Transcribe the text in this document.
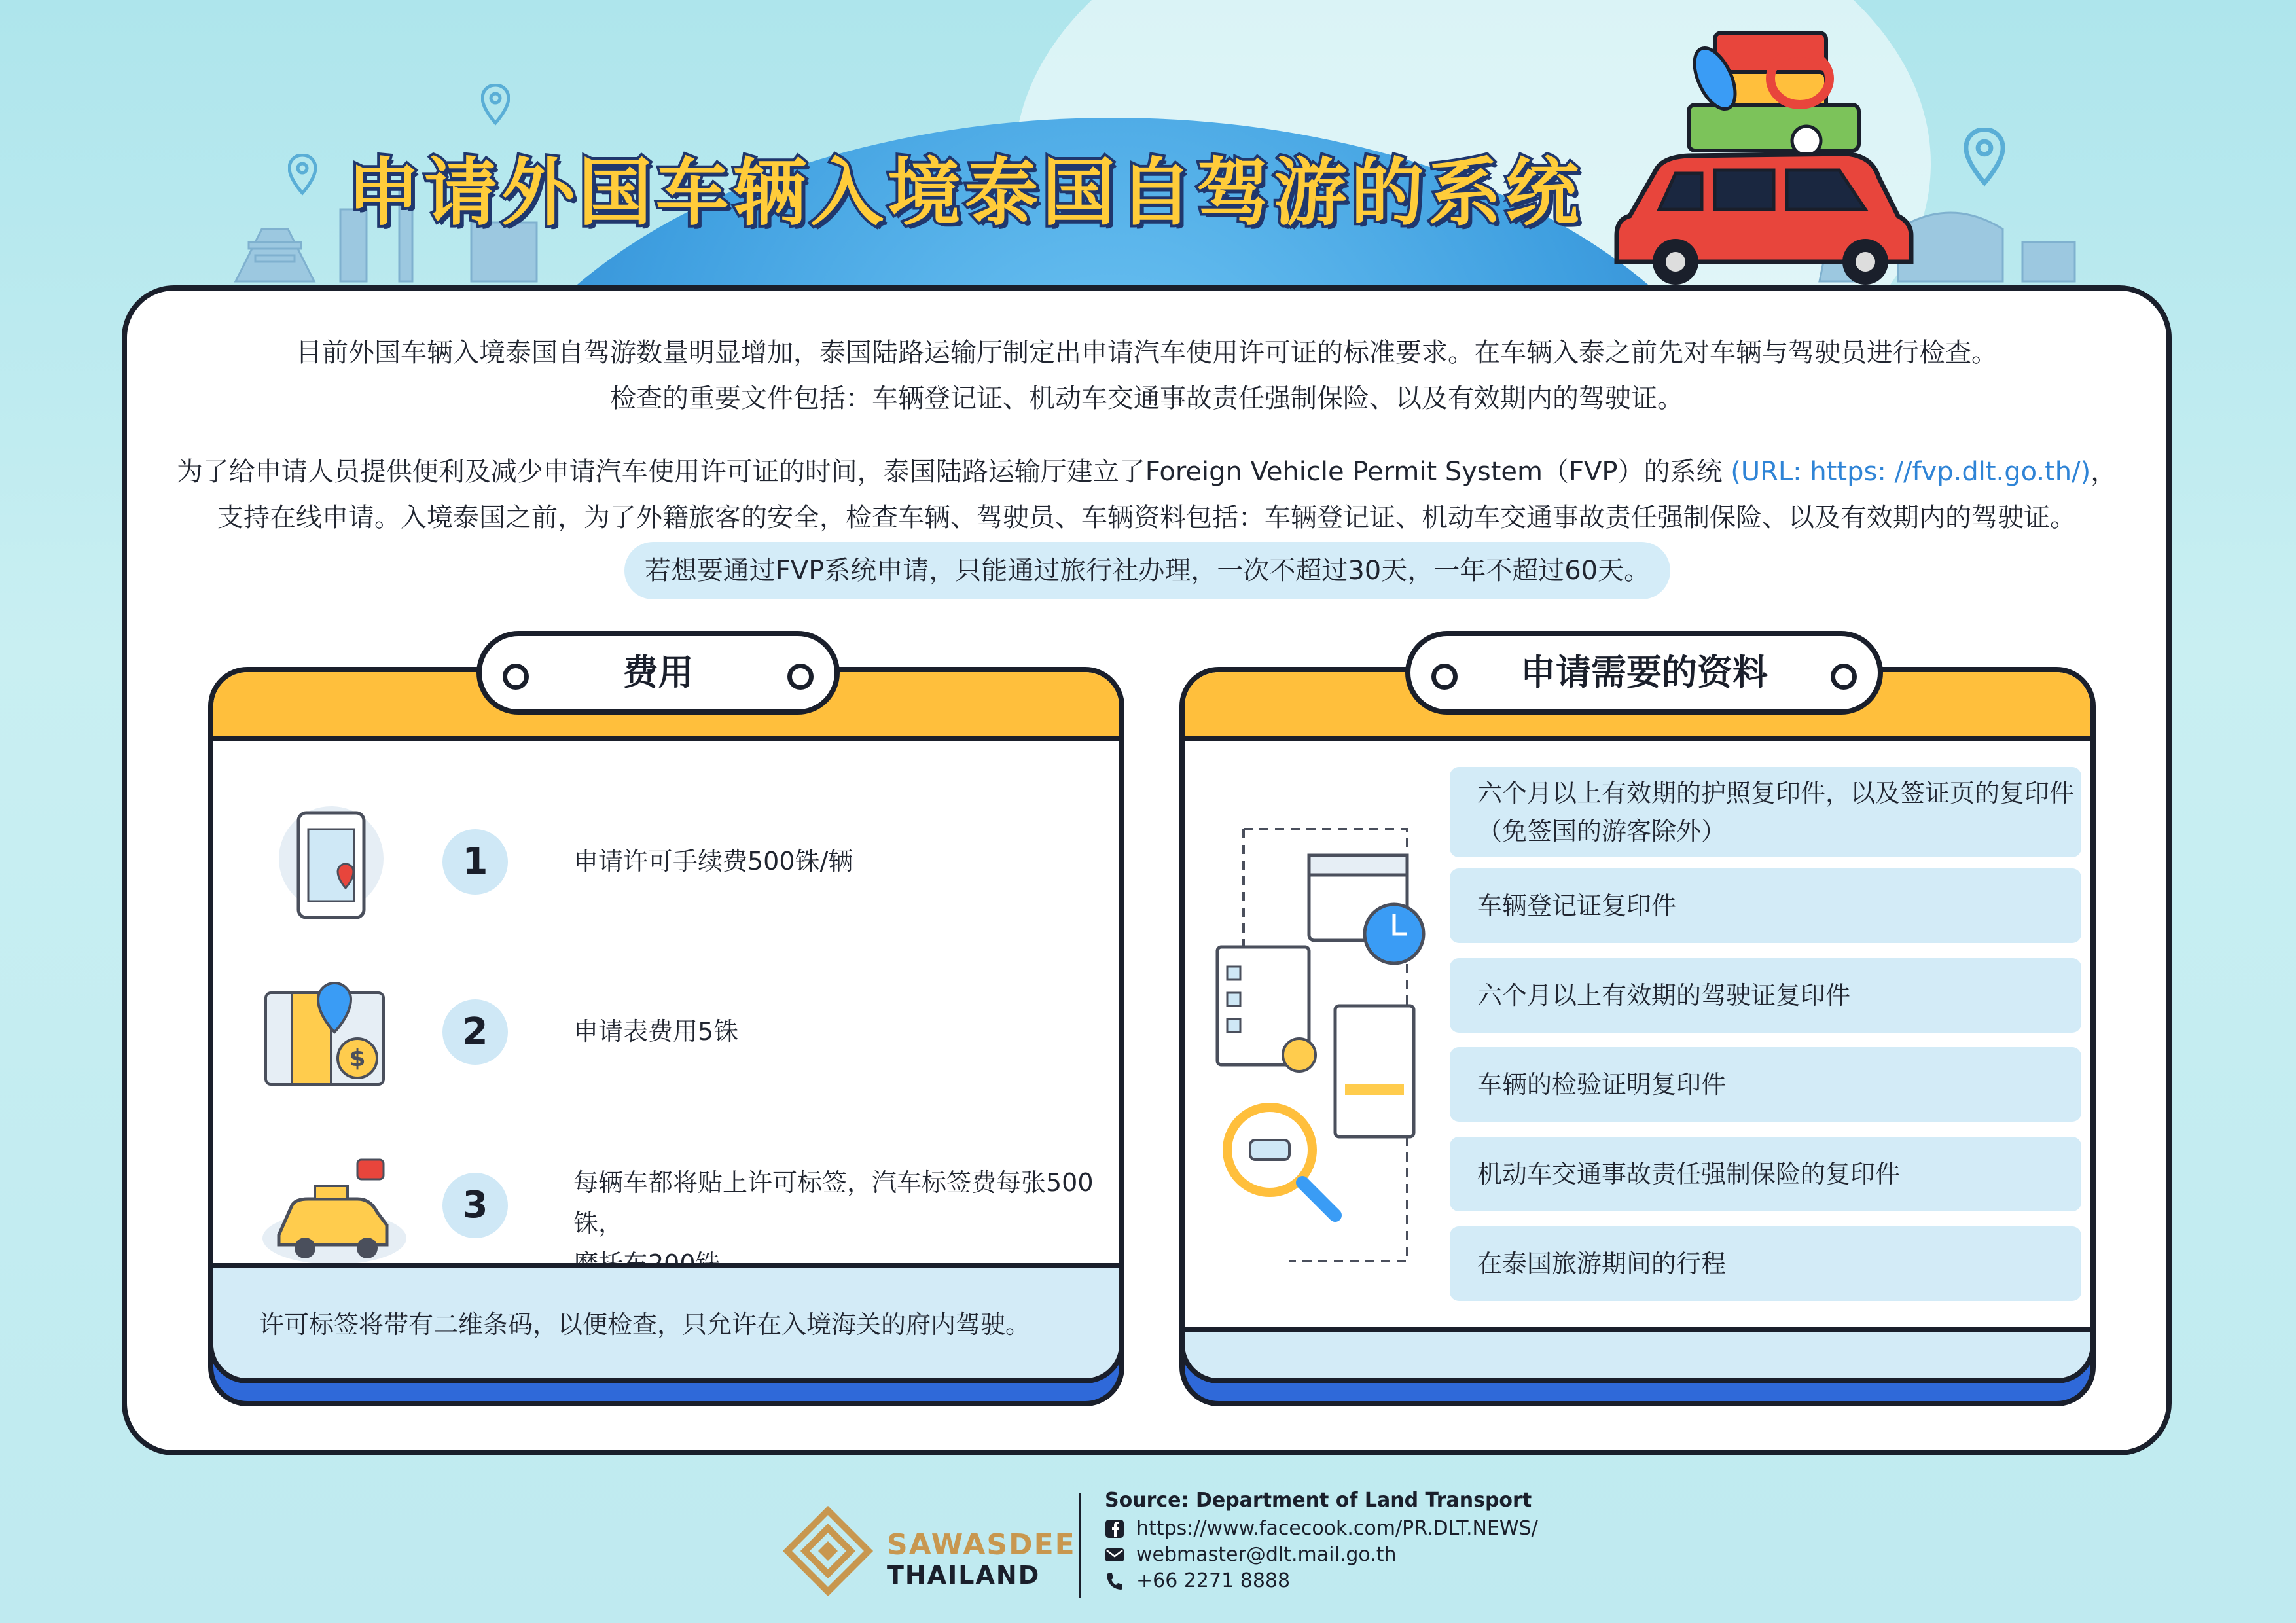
申请外国车辆入境泰国自驾游的系统
目前外国车辆入境泰国自驾游数量明显增加，泰国陆路运输厅制定出申请汽车使用许可证的标准要求。在车辆入泰之前先对车辆与驾驶员进行检查。
检查的重要文件包括：车辆登记证、机动车交通事故责任强制保险、以及有效期内的驾驶证。
为了给申请人员提供便利及减少申请汽车使用许可证的时间，泰国陆路运输厅建立了Foreign Vehicle Permit System（FVP）的系统 (URL: https: //fvp.dlt.go.th/)，
支持在线申请。入境泰国之前，为了外籍旅客的安全，检查车辆、驾驶员、车辆资料包括：车辆登记证、机动车交通事故责任强制保险、以及有效期内的驾驶证。
若想要通过FVP系统申请，只能通过旅行社办理，一次不超过30天，一年不超过60天。
1	申请许可手续费500铢/辆
$
2	申请表费用5铢
3
每辆车都将贴上许可标签，汽车标签费每张500铢，
许可标签将带有二维条码，以便检查，只允许在入境海关的府内驾驶。
费用
六个月以上有效期的护照复印件，以及签证页的复印件
（免签国的游客除外）
车辆登记证复印件
六个月以上有效期的驾驶证复印件
车辆的检验证明复印件
机动车交通事故责任强制保险的复印件
在泰国旅游期间的行程
申请需要的资料
SAWASDEE
THAILAND
Source: Department of Land Transport
https://www.facecook.com/PR.DLT.NEWS/
webmaster@dlt.mail.go.th
+66 2271 8888
